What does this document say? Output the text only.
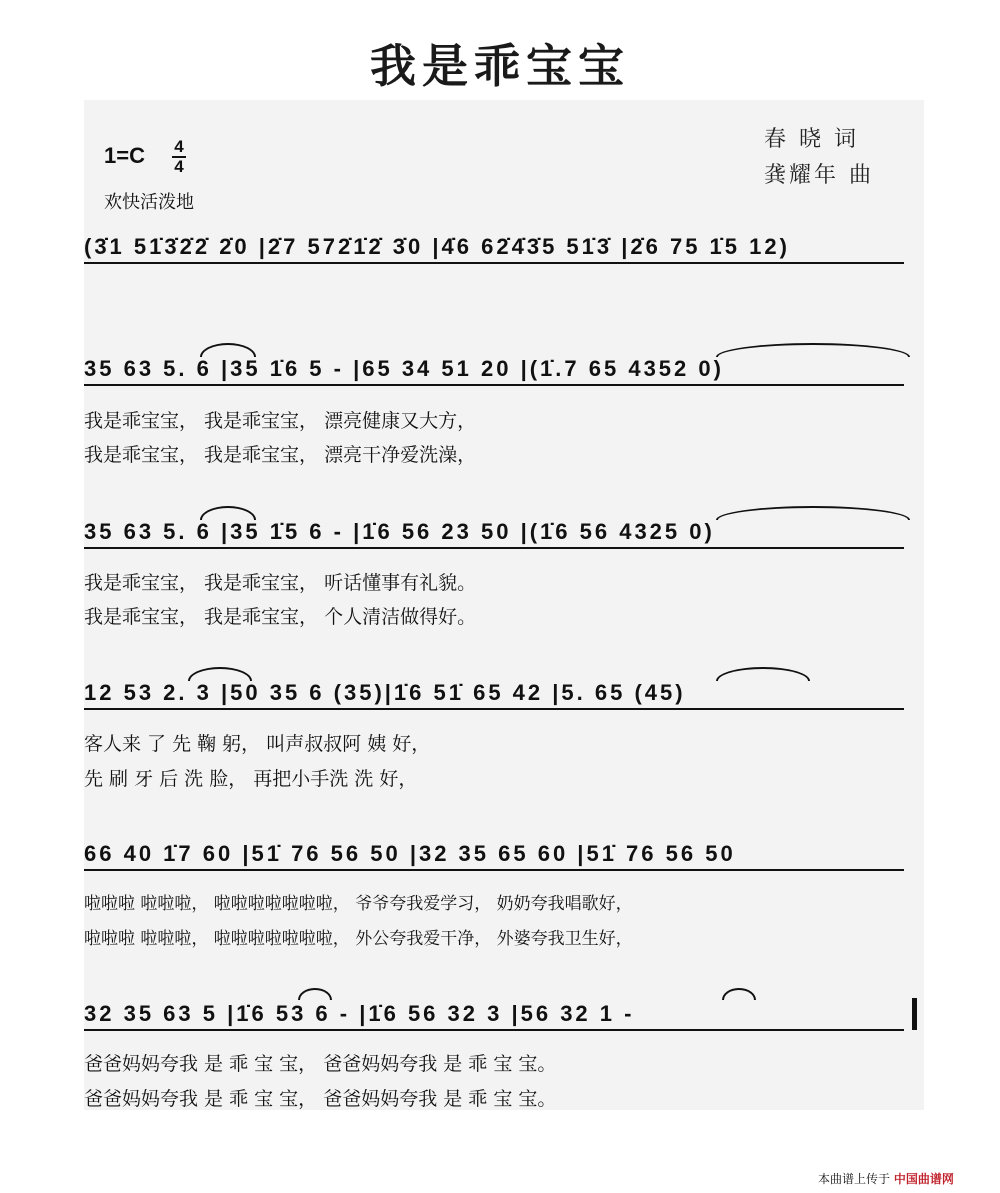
我是乖宝宝
1=C 4
4
欢快活泼地
春 晓 词
龚耀年 曲
(3̇1 51̇3̇2̇2̇ 2̇0 |2̇7 572̇1̇2̇ 3̇0 |4̇6 62̇4̇3̇5 51̇3̇ |2̇6 75 1̇5 12)
35 63 5. 6 |35 1̇6 5 - |65 34 51 20 |(1̇.7 65 4352 0)
我是乖宝宝， 我是乖宝宝， 漂亮健康又大方，
我是乖宝宝， 我是乖宝宝， 漂亮干净爱洗澡，
35 63 5. 6 |35 1̇5 6 - |1̇6 56 23 50 |(1̇6 56 4325 0)
我是乖宝宝， 我是乖宝宝， 听话懂事有礼貌。
我是乖宝宝， 我是乖宝宝， 个人清洁做得好。
12 53 2. 3 |50 35 6 (35)|1̇6 51̇ 65 42 |5. 65 (45)
客人来 了 先 鞠 躬， 叫声叔叔阿 姨 好，
先 刷 牙 后 洗 脸， 再把小手洗 洗 好，
66 40 1̇7 60 |51̇ 76 56 50 |32 35 65 60 |51̇ 76 56 50
啦啦啦 啦啦啦， 啦啦啦啦啦啦啦， 爷爷夸我爱学习， 奶奶夸我唱歌好，
啦啦啦 啦啦啦， 啦啦啦啦啦啦啦， 外公夸我爱干净， 外婆夸我卫生好，
32 35 63 5 |1̇6 53 6 - |1̇6 56 32 3 |56 32 1 -
爸爸妈妈夸我 是 乖 宝 宝， 爸爸妈妈夸我 是 乖 宝 宝。
爸爸妈妈夸我 是 乖 宝 宝， 爸爸妈妈夸我 是 乖 宝 宝。
本曲谱上传于 中国曲谱网
